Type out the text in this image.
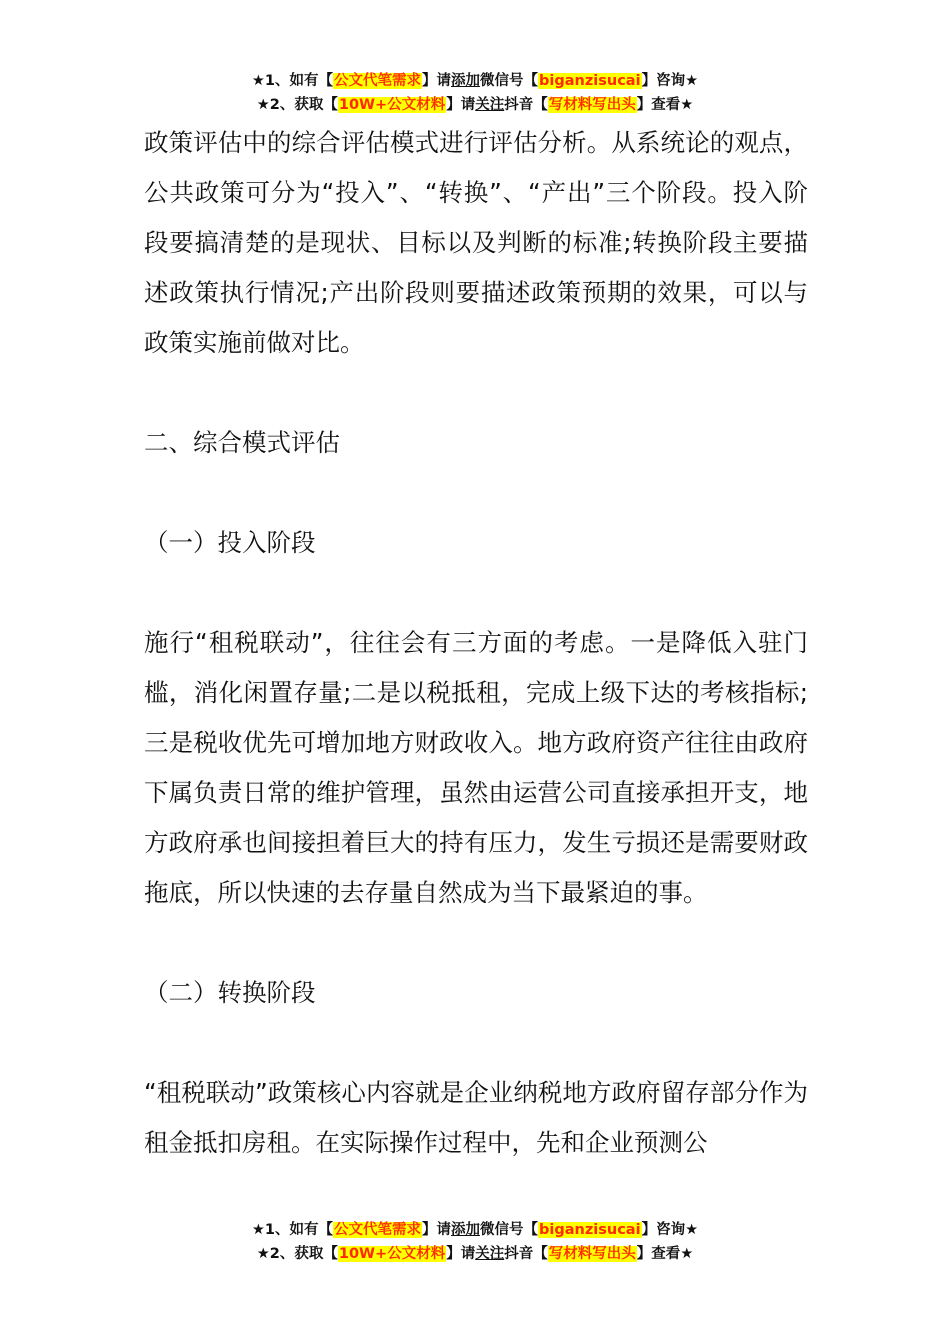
★1、如有【公文代笔需求】请添加微信号【biganzisucai】咨询★
★2、获取【10W+公文材料】请关注抖音【写材料写出头】查看★

政策评估中的综合评估模式进行评估分析。从系统论的观点，公共政策可分为“投入”、“转换”、“产出”三个阶段。投入阶段要搞清楚的是现状、目标以及判断的标准;转换阶段主要描述政策执行情况;产出阶段则要描述政策预期的效果，可以与政策实施前做对比。

二、综合模式评估

（一）投入阶段

施行“租税联动”，往往会有三方面的考虑。一是降低入驻门槛，消化闲置存量;二是以税抵租，完成上级下达的考核指标;三是税收优先可增加地方财政收入。地方政府资产往往由政府下属负责日常的维护管理，虽然由运营公司直接承担开支，地方政府承也间接担着巨大的持有压力，发生亏损还是需要财政拖底，所以快速的去存量自然成为当下最紧迫的事。

（二）转换阶段

“租税联动”政策核心内容就是企业纳税地方政府留存部分作为租金抵扣房租。在实际操作过程中，先和企业预测公

★1、如有【公文代笔需求】请添加微信号【biganzisucai】咨询★
★2、获取【10W+公文材料】请关注抖音【写材料写出头】查看★
